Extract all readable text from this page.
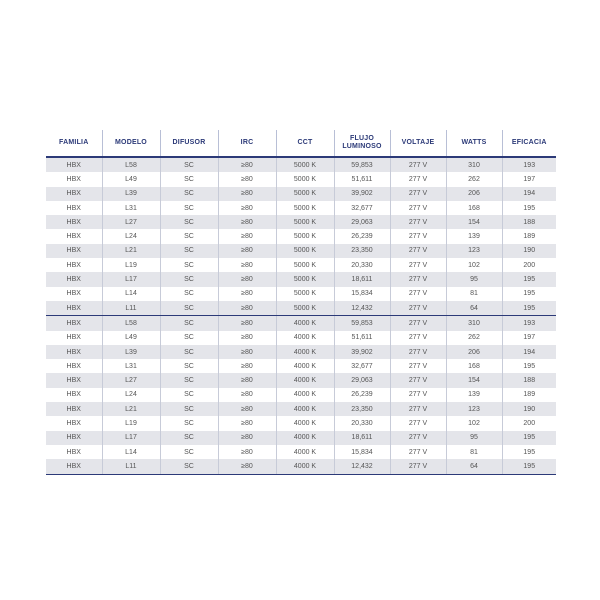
FAMILIA	MODELO	DIFUSOR	IRC	CCT	FLUJO LUMINOSO	VOLTAJE	WATTS	EFICACIA
HBX	L58	SC	≥80	5000 K	59,853	277 V	310	193
HBX	L49	SC	≥80	5000 K	51,611	277 V	262	197
HBX	L39	SC	≥80	5000 K	39,902	277 V	206	194
HBX	L31	SC	≥80	5000 K	32,677	277 V	168	195
HBX	L27	SC	≥80	5000 K	29,063	277 V	154	188
HBX	L24	SC	≥80	5000 K	26,239	277 V	139	189
HBX	L21	SC	≥80	5000 K	23,350	277 V	123	190
HBX	L19	SC	≥80	5000 K	20,330	277 V	102	200
HBX	L17	SC	≥80	5000 K	18,611	277 V	95	195
HBX	L14	SC	≥80	5000 K	15,834	277 V	81	195
HBX	L11	SC	≥80	5000 K	12,432	277 V	64	195
HBX	L58	SC	≥80	4000 K	59,853	277 V	310	193
HBX	L49	SC	≥80	4000 K	51,611	277 V	262	197
HBX	L39	SC	≥80	4000 K	39,902	277 V	206	194
HBX	L31	SC	≥80	4000 K	32,677	277 V	168	195
HBX	L27	SC	≥80	4000 K	29,063	277 V	154	188
HBX	L24	SC	≥80	4000 K	26,239	277 V	139	189
HBX	L21	SC	≥80	4000 K	23,350	277 V	123	190
HBX	L19	SC	≥80	4000 K	20,330	277 V	102	200
HBX	L17	SC	≥80	4000 K	18,611	277 V	95	195
HBX	L14	SC	≥80	4000 K	15,834	277 V	81	195
HBX	L11	SC	≥80	4000 K	12,432	277 V	64	195
